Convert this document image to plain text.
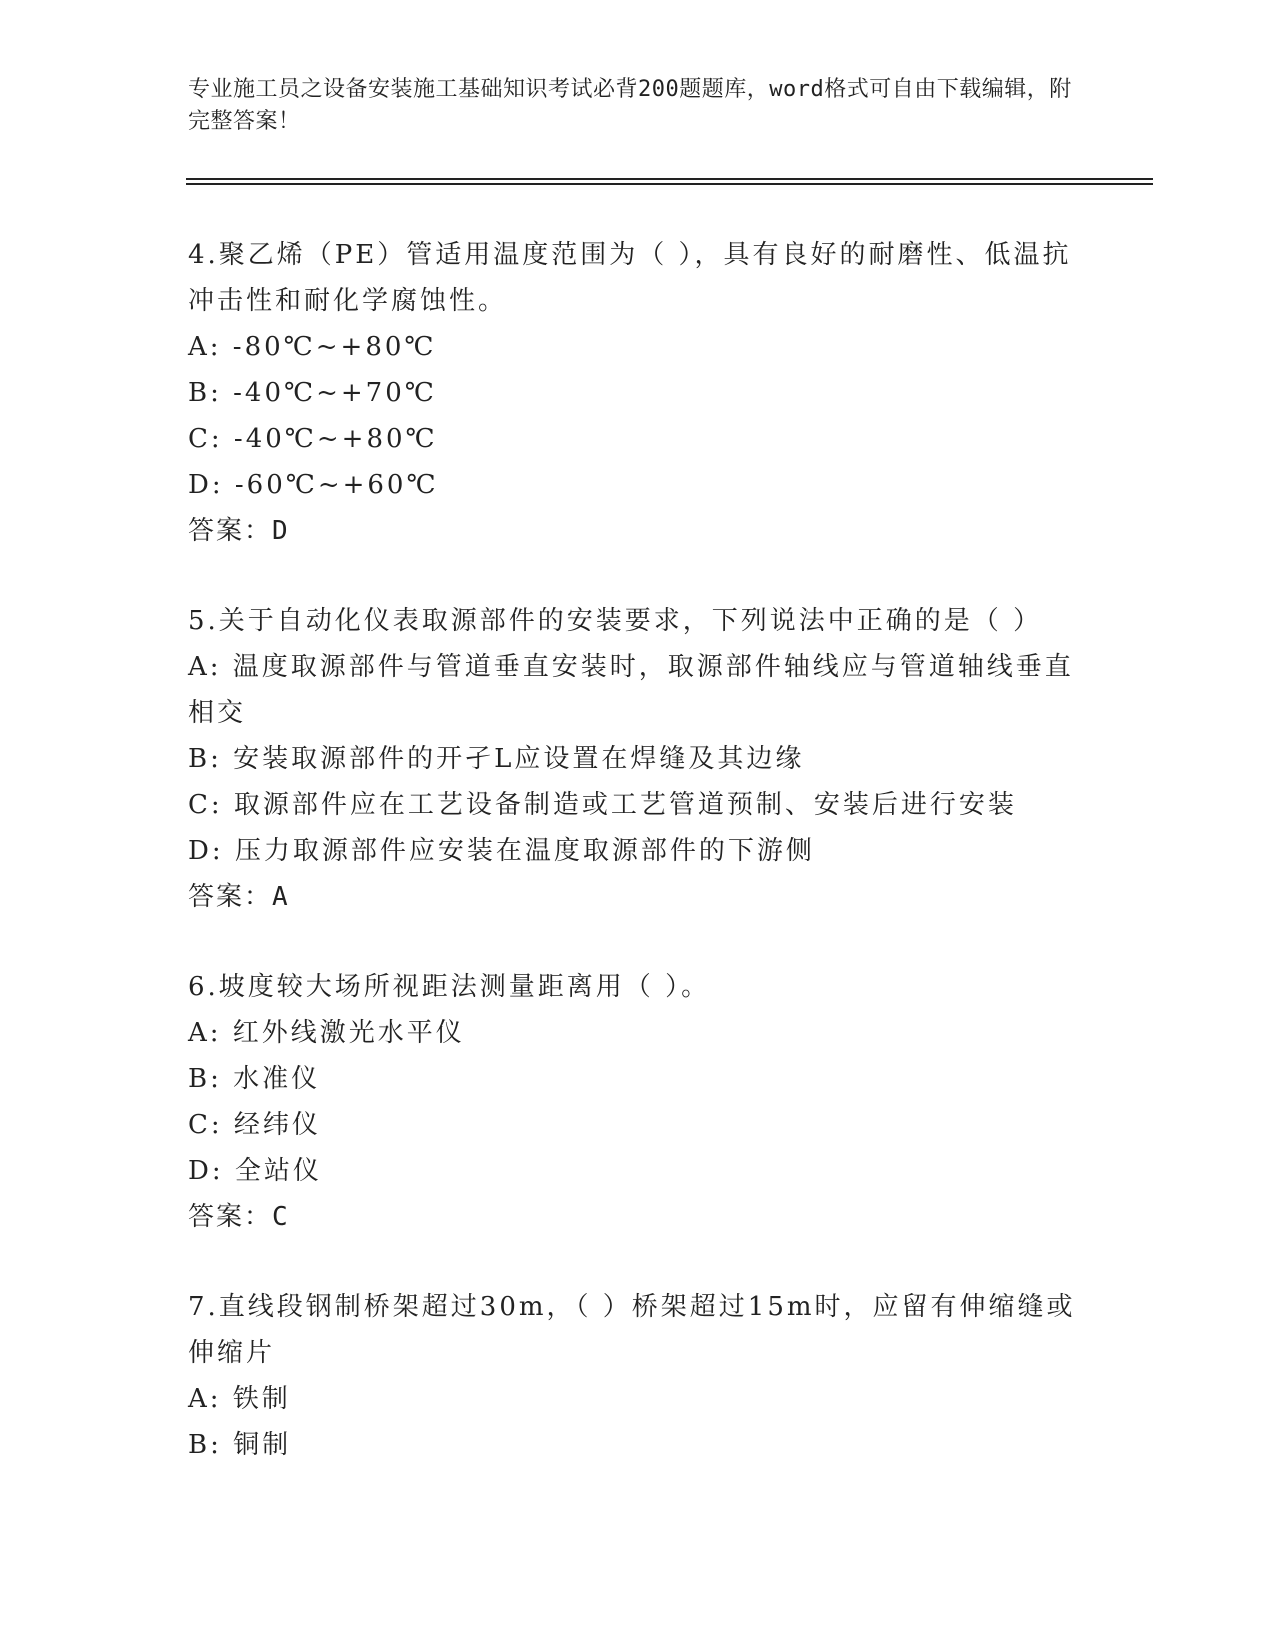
专业施工员之设备安装施工基础知识考试必背200题题库，word格式可自由下载编辑，附完整答案！

4.聚乙烯（PE）管适用温度范围为（ ），具有良好的耐磨性、低温抗冲击性和耐化学腐蚀性。

A: -80℃~+80℃

B: -40℃~+70℃

C: -40℃~+80℃

D: -60℃~+60℃

答案：D

5.关于自动化仪表取源部件的安装要求，下列说法中正确的是（ ）

A: 温度取源部件与管道垂直安装时，取源部件轴线应与管道轴线垂直相交

B: 安装取源部件的开孑L应设置在焊缝及其边缘

C: 取源部件应在工艺设备制造或工艺管道预制、安装后进行安装

D: 压力取源部件应安装在温度取源部件的下游侧

答案：A

6.坡度较大场所视距法测量距离用（ ）。

A: 红外线激光水平仪

B: 水准仪

C: 经纬仪

D: 全站仪

答案：C

7.直线段钢制桥架超过30m，（ ）桥架超过15m时，应留有伸缩缝或伸缩片

A: 铁制

B: 铜制
